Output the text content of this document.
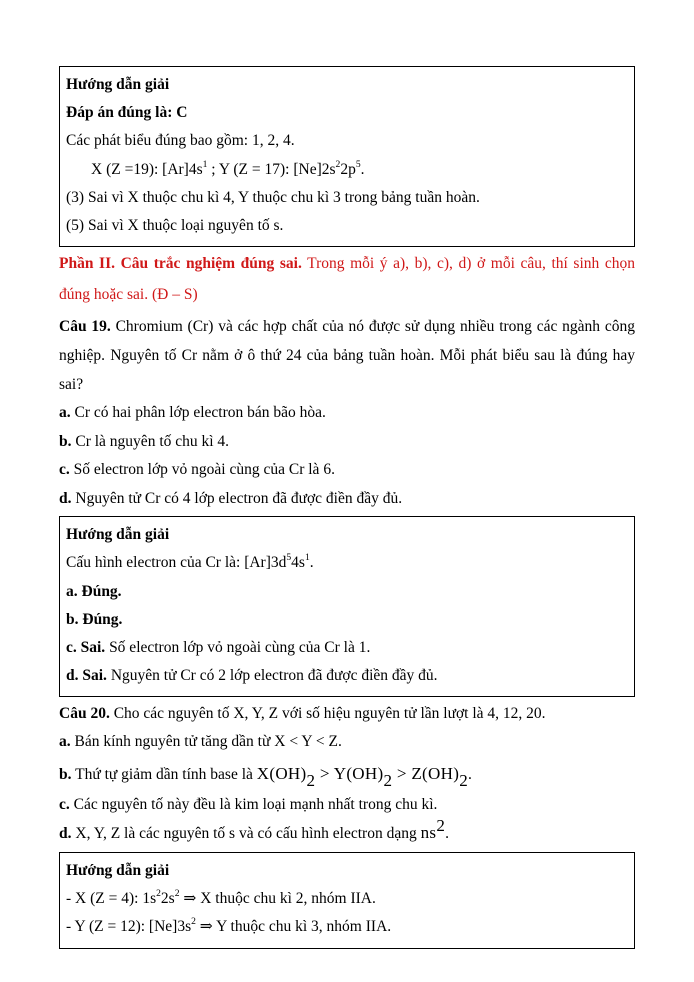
Hướng dẫn giải
Đáp án đúng là: C
Các phát biểu đúng bao gồm: 1, 2, 4.
X (Z =19): $[Ar]4s^1$ ; Y (Z = 17): $[Ne]2s^22p^5$.
(3) Sai vì X thuộc chu kì 4, Y thuộc chu kì 3 trong bảng tuần hoàn.
(5) Sai vì X thuộc loại nguyên tố s.

Phần II. Câu trắc nghiệm đúng sai. Trong mỗi ý a), b), c), d) ở mỗi câu, thí sinh chọn đúng hoặc sai. (Đ – S)

Câu 19. Chromium (Cr) và các hợp chất của nó được sử dụng nhiều trong các ngành công nghiệp. Nguyên tố Cr nằm ở ô thứ 24 của bảng tuần hoàn. Mỗi phát biểu sau là đúng hay sai?

a. Cr có hai phân lớp electron bán bão hòa.
b. Cr là nguyên tố chu kì 4.
c. Số electron lớp vỏ ngoài cùng của Cr là 6.
d. Nguyên tử Cr có 4 lớp electron đã được điền đầy đủ.
Hướng dẫn giải
Cấu hình electron của Cr là: $[Ar]3d^54s^1$.
a. Đúng.
b. Đúng.
c. Sai. Số electron lớp vỏ ngoài cùng của Cr là 1.
d. Sai. Nguyên tử Cr có 2 lớp electron đã được điền đầy đủ.

Câu 20. Cho các nguyên tố X, Y, Z với số hiệu nguyên tử lần lượt là 4, 12, 20.

a. Bán kính nguyên tử tăng dần từ X < Y < Z.
b. Thứ tự giảm dần tính base là $X(OH)_2 > Y(OH)_2 > Z(OH)_2$.
c. Các nguyên tố này đều là kim loại mạnh nhất trong chu kì.
d. X, Y, Z là các nguyên tố s và có cấu hình electron dạng $ns^2$.
Hướng dẫn giải
- X (Z = 4): $1s^22s^2$ ⇒ X thuộc chu kì 2, nhóm IIA.
- Y (Z = 12): $[Ne]3s^2$ ⇒ Y thuộc chu kì 3, nhóm IIA.
